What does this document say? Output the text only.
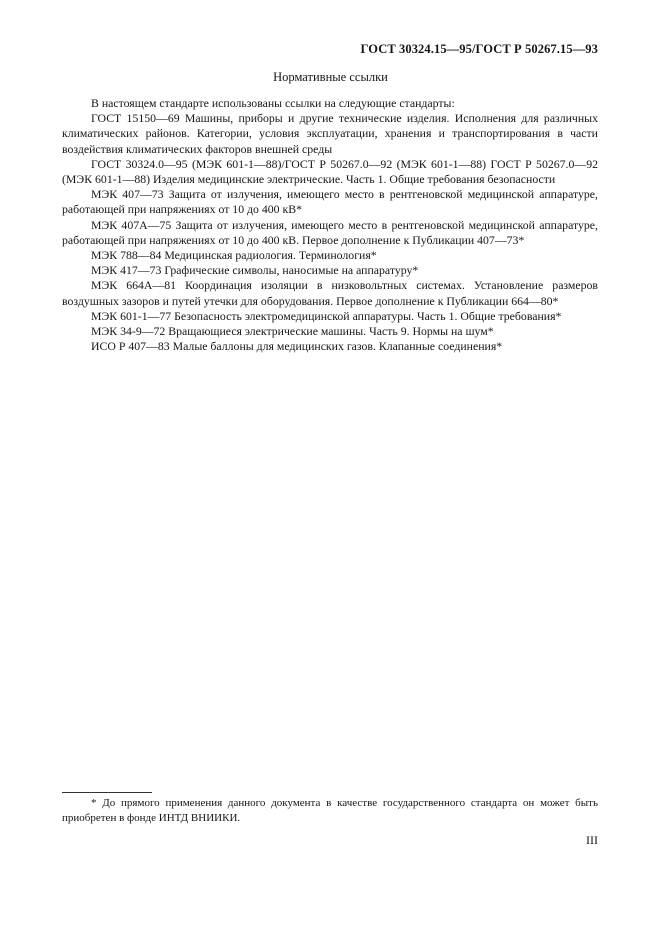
ГОСТ 30324.15—95/ГОСТ Р 50267.15—93
Нормативные ссылки

В настоящем стандарте использованы ссылки на следующие стандарты:

ГОСТ 15150—69 Машины, приборы и другие технические изделия. Исполнения для различных климатических районов. Категории, условия эксплуатации, хранения и транспортирования в части воздействия климатических факторов внешней среды

ГОСТ 30324.0—95 (МЭК 601-1—88)/ГОСТ Р 50267.0—92 (МЭК 601-1—88) ГОСТ Р 50267.0—92 (МЭК 601-1—88) Изделия медицинские электрические. Часть 1. Общие требования безопасности

МЭК 407—73 Защита от излучения, имеющего место в рентгеновской медицинской аппаратуре, работающей при напряжениях от 10 до 400 кВ*

МЭК 407А—75 Защита от излучения, имеющего место в рентгеновской медицинской аппаратуре, работающей при напряжениях от 10 до 400 кВ. Первое дополнение к Публикации 407—73*

МЭК 788—84 Медицинская радиология. Терминология*

МЭК 417—73 Графические символы, наносимые на аппаратуру*

МЭК 664А—81 Координация изоляции в низковольтных системах. Установление размеров воздушных зазоров и путей утечки для оборудования. Первое дополнение к Публикации 664—80*

МЭК 601-1—77 Безопасность электромедицинской аппаратуры. Часть 1. Общие требования*

МЭК 34-9—72 Вращающиеся электрические машины. Часть 9. Нормы на шум*

ИСО Р 407—83 Малые баллоны для медицинских газов. Клапанные соединения*

* До прямого применения данного документа в качестве государственного стандарта он может быть приобретен в фонде ИНТД ВНИИКИ.
III
